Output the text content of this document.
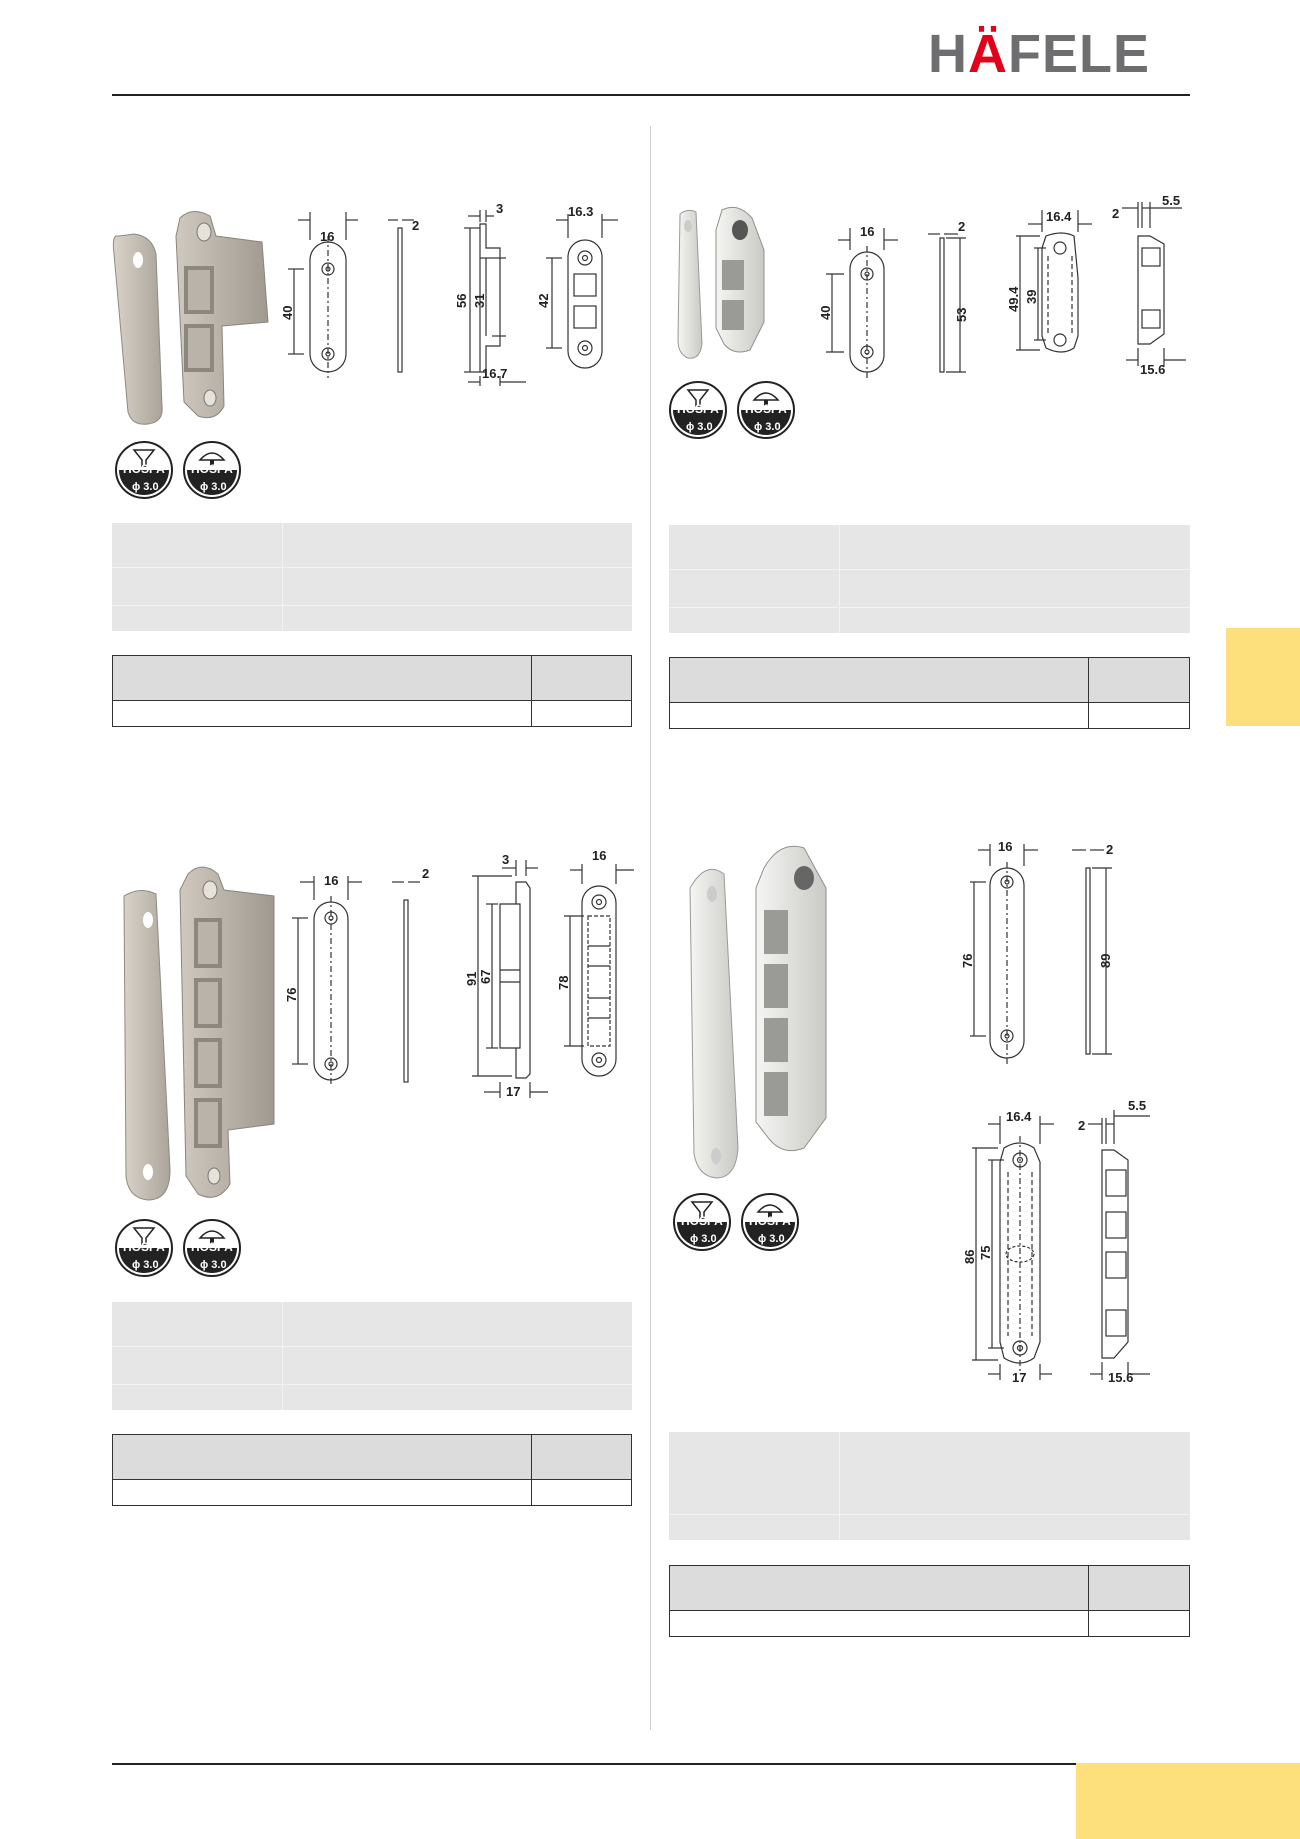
HÄFELE
16
40
2
3
56 31
16.7
16.3
42
HOSPA
ϕ 3.0
HOSPA
ϕ 3.0
16
40
2
53
16.4
49.4 39
2
5.5
15.6
HOSPA
ϕ 3.0
HOSPA
ϕ 3.0
16
76
2
3
91 67
17
16
78
HOSPA
ϕ 3.0
HOSPA
ϕ 3.0
16
76
2
89
16.4
86 75
17
2
5.5
15.6
HOSPA
ϕ 3.0
HOSPA
ϕ 3.0
